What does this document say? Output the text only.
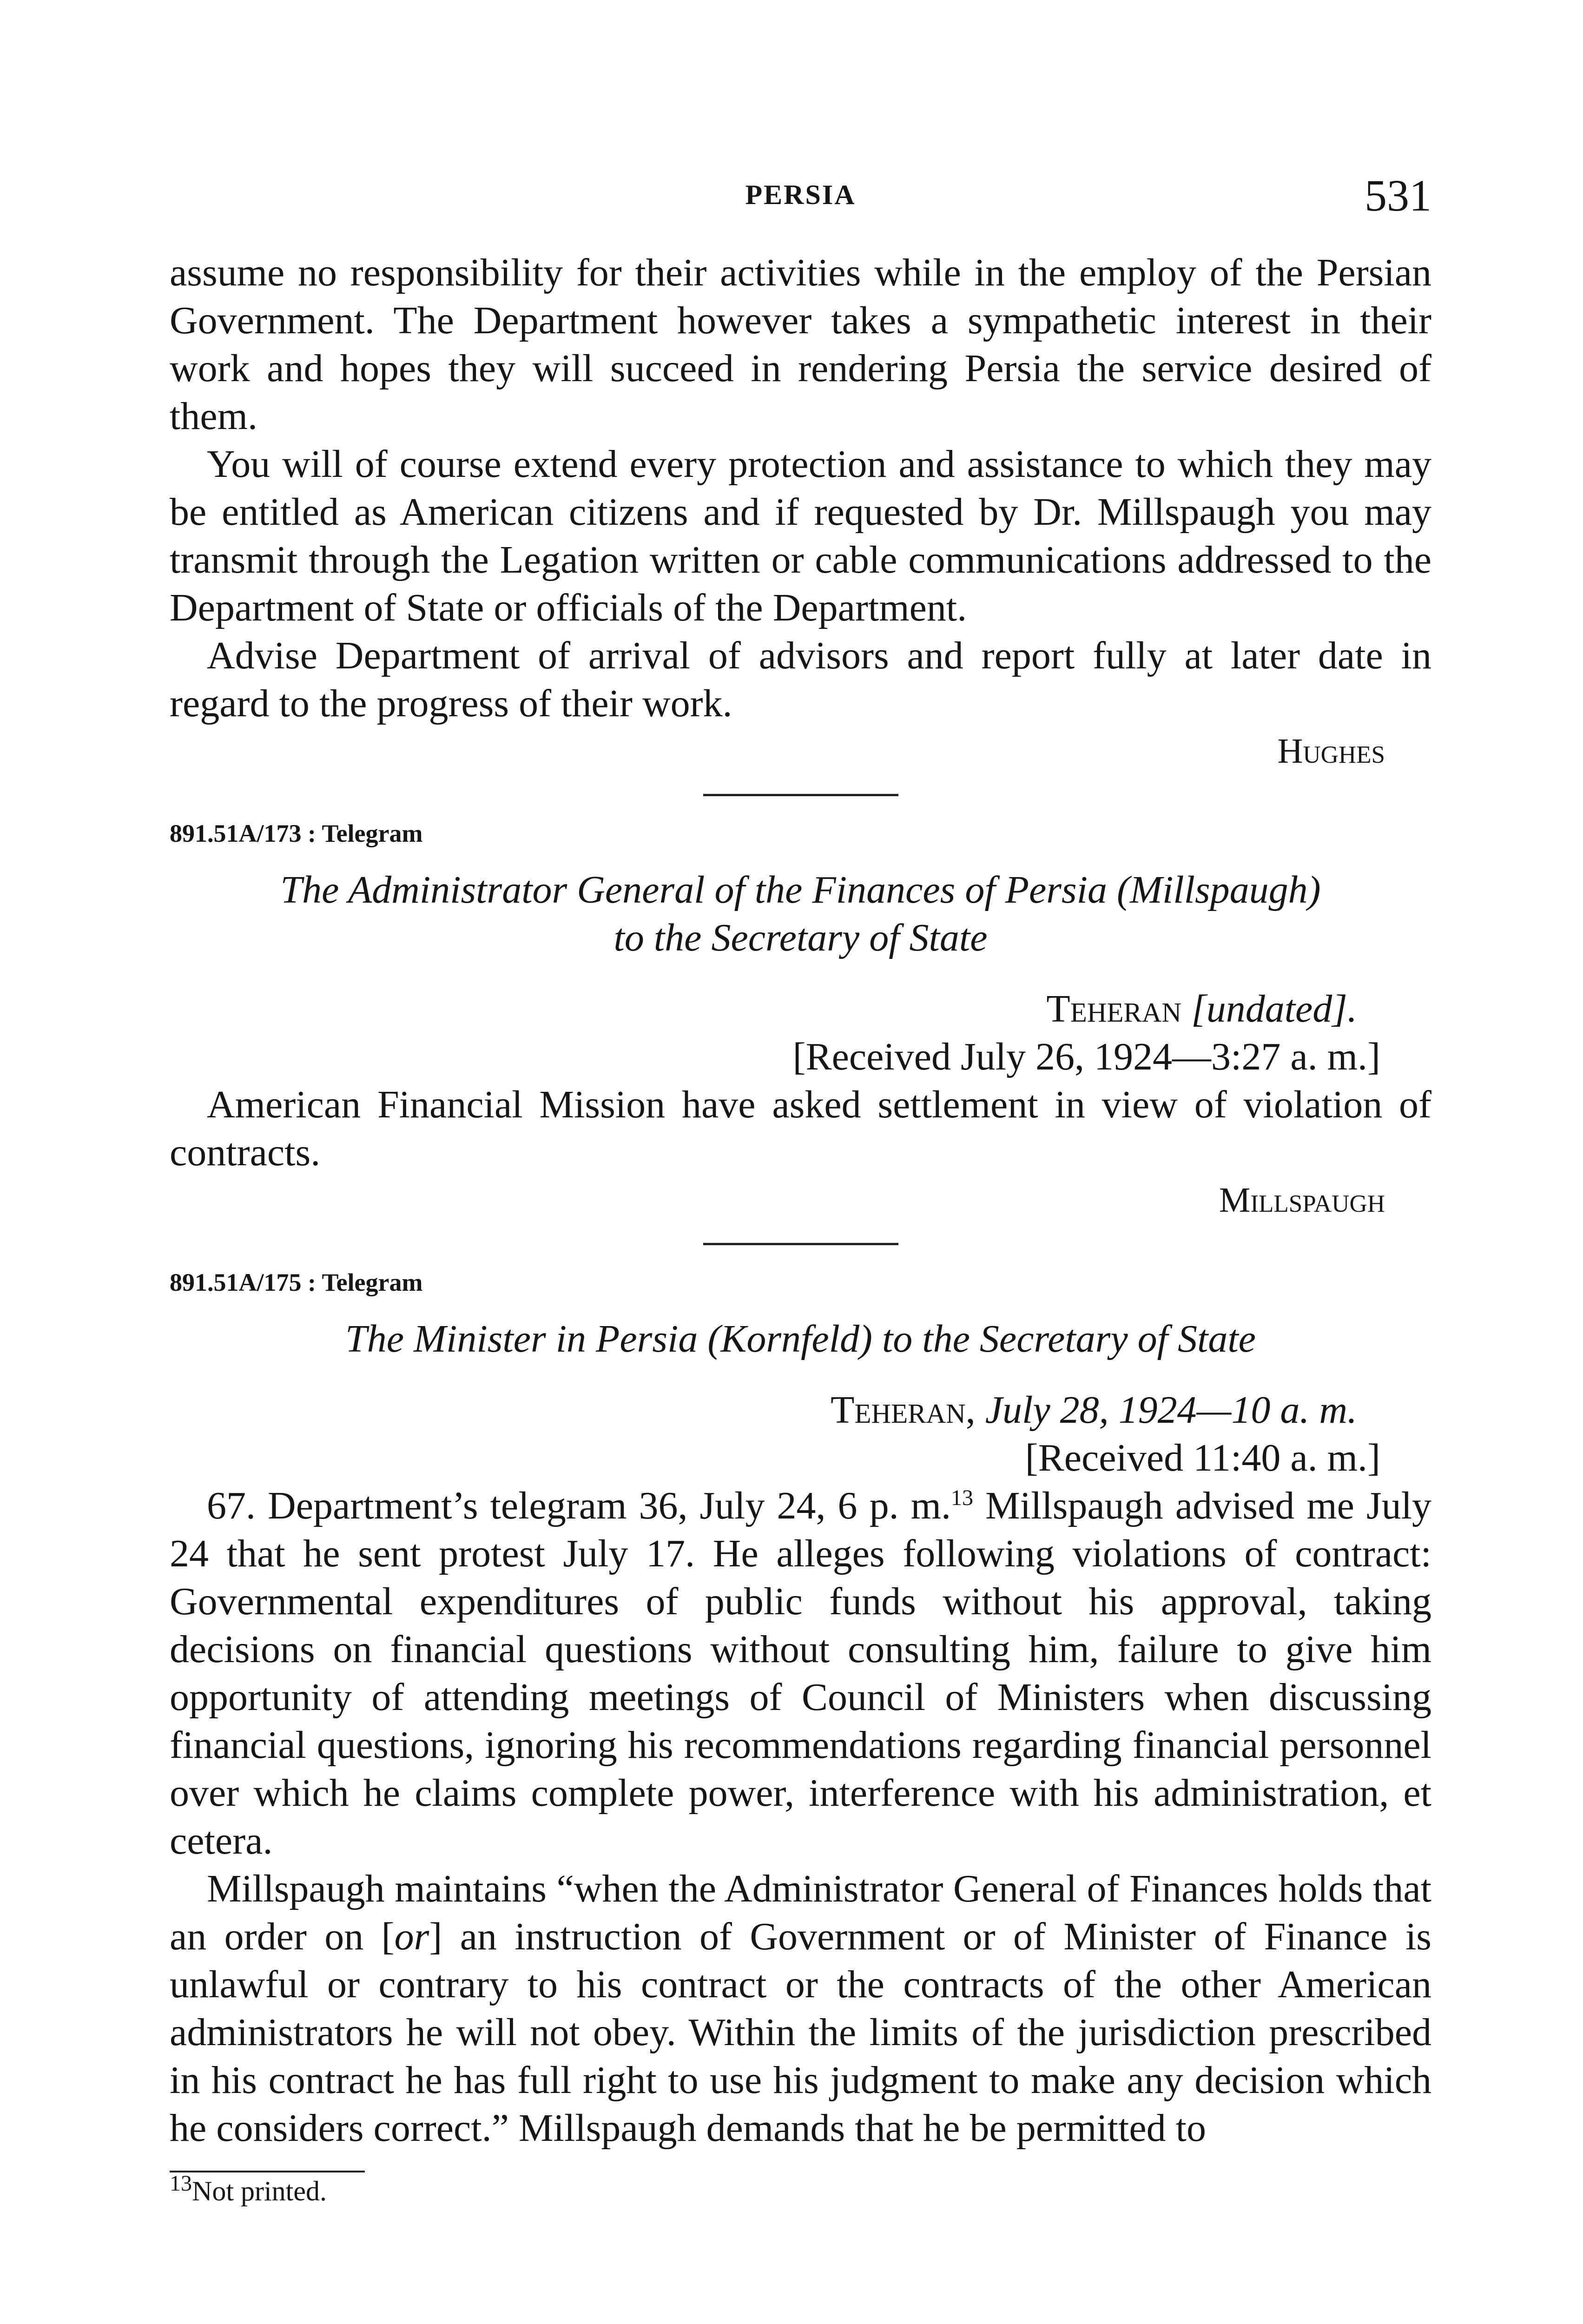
PERSIA	531

assume no responsibility for their activities while in the employ of the Persian Government. The Department however takes a sympathetic interest in their work and hopes they will succeed in rendering Persia the service desired of them.

You will of course extend every protection and assistance to which they may be entitled as American citizens and if requested by Dr. Millspaugh you may transmit through the Legation written or cable communications addressed to the Department of State or officials of the Department.

Advise Department of arrival of advisors and report fully at later date in regard to the progress of their work.

Hughes

891.51A/173 : Telegram

The Administrator General of the Finances of Persia (Millspaugh)
to the Secretary of State

Teheran [undated].

[Received July 26, 1924—3:27 a. m.]

American Financial Mission have asked settlement in view of violation of contracts.

Millspaugh

891.51A/175 : Telegram

The Minister in Persia (Kornfeld) to the Secretary of State

Teheran, July 28, 1924—10 a. m.

[Received 11:40 a. m.]

67. Department’s telegram 36, July 24, 6 p. m.$^{13}$ Millspaugh advised me July 24 that he sent protest July 17. He alleges following violations of contract: Governmental expenditures of public funds without his approval, taking decisions on financial questions without consulting him, failure to give him opportunity of attending meetings of Council of Ministers when discussing financial questions, ignoring his recommendations regarding financial personnel over which he claims complete power, interference with his administration, et cetera.

Millspaugh maintains “when the Administrator General of Finances holds that an order on [or] an instruction of Government or of Minister of Finance is unlawful or contrary to his contract or the contracts of the other American administrators he will not obey. Within the limits of the jurisdiction prescribed in his contract he has full right to use his judgment to make any decision which he considers correct.” Millspaugh demands that he be permitted to

$^{13}$Not printed.
